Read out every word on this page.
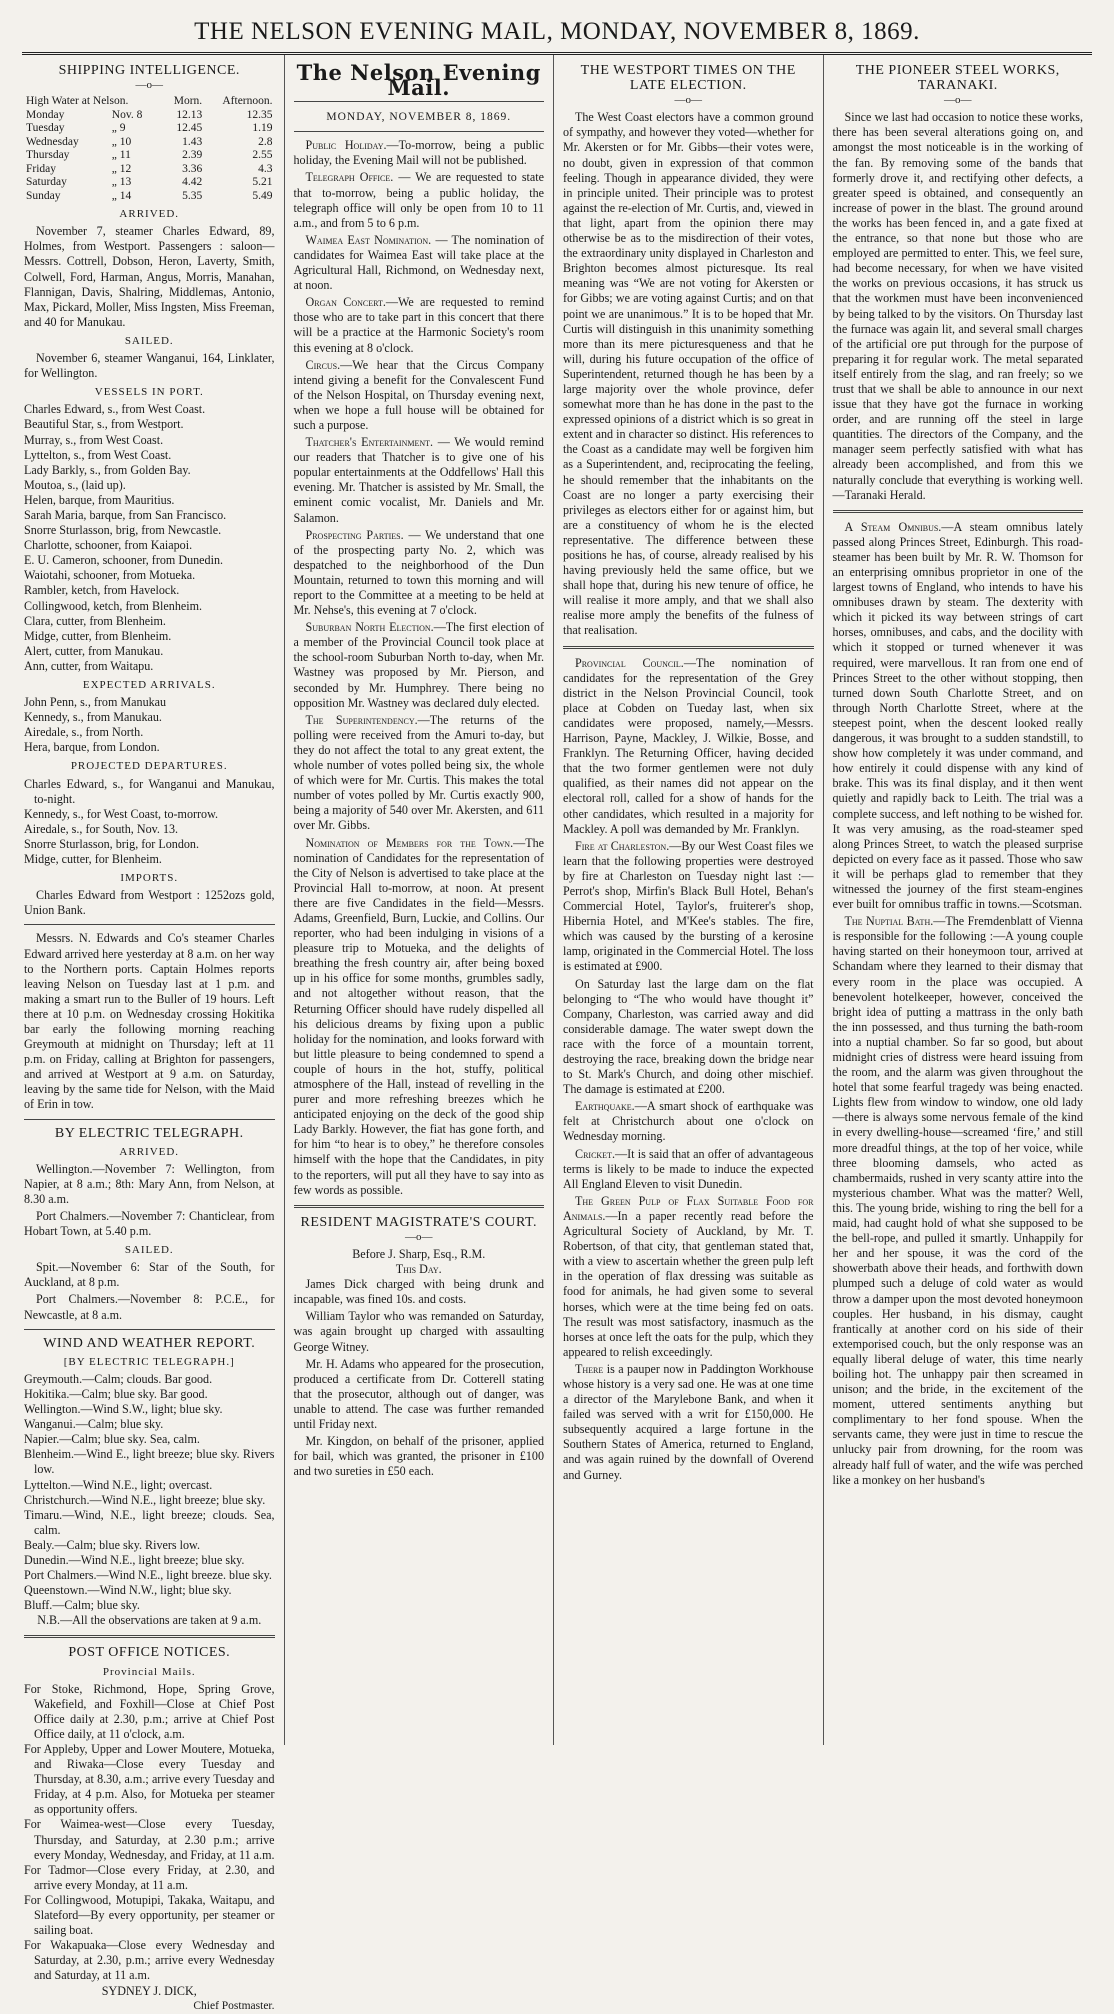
THE NELSON EVENING MAIL, MONDAY, NOVEMBER 8, 1869.
SHIPPING INTELLIGENCE.
—o—
High Water at Nelson.		Morn.	Afternoon.
Monday	Nov. 8	12.13	12.35
Tuesday	„ 9	12.45	1.19
Wednesday	„ 10	1.43	2.8
Thursday	„ 11	2.39	2.55
Friday	„ 12	3.36	4.3
Saturday	„ 13	4.42	5.21
Sunday	„ 14	5.35	5.49
ARRIVED.

November 7, steamer Charles Edward, 89, Holmes, from Westport. Passengers : saloon—Messrs. Cottrell, Dobson, Heron, Laverty, Smith, Colwell, Ford, Harman, Angus, Morris, Manahan, Flannigan, Davis, Shalring, Middlemas, Antonio, Max, Pickard, Moller, Miss Ingsten, Miss Freeman, and 40 for Manukau.

SAILED.

November 6, steamer Wanganui, 164, Linklater, for Wellington.

VESSELS IN PORT.

Charles Edward, s., from West Coast.

Beautiful Star, s., from Westport.

Murray, s., from West Coast.

Lyttelton, s., from West Coast.

Lady Barkly, s., from Golden Bay.

Moutoa, s., (laid up).

Helen, barque, from Mauritius.

Sarah Maria, barque, from San Francisco.

Snorre Sturlasson, brig, from Newcastle.

Charlotte, schooner, from Kaiapoi.

E. U. Cameron, schooner, from Dunedin.

Waiotahi, schooner, from Motueka.

Rambler, ketch, from Havelock.

Collingwood, ketch, from Blenheim.

Clara, cutter, from Blenheim.

Midge, cutter, from Blenheim.

Alert, cutter, from Manukau.

Ann, cutter, from Waitapu.

EXPECTED ARRIVALS.

John Penn, s., from Manukau

Kennedy, s., from Manukau.

Airedale, s., from North.

Hera, barque, from London.

PROJECTED DEPARTURES.

Charles Edward, s., for Wanganui and Manukau, to-night.

Kennedy, s., for West Coast, to-morrow.

Airedale, s., for South, Nov. 13.

Snorre Sturlasson, brig, for London.

Midge, cutter, for Blenheim.

IMPORTS.

Charles Edward from Westport : 1252ozs gold, Union Bank.

Messrs. N. Edwards and Co's steamer Charles Edward arrived here yesterday at 8 a.m. on her way to the Northern ports. Captain Holmes reports leaving Nelson on Tuesday last at 1 p.m. and making a smart run to the Buller of 19 hours. Left there at 10 p.m. on Wednesday crossing Hokitika bar early the following morning reaching Greymouth at midnight on Thursday; left at 11 p.m. on Friday, calling at Brighton for passengers, and arrived at Westport at 9 a.m. on Saturday, leaving by the same tide for Nelson, with the Maid of Erin in tow.

BY ELECTRIC TELEGRAPH.
ARRIVED.

Wellington.—November 7: Wellington, from Napier, at 8 a.m.; 8th: Mary Ann, from Nelson, at 8.30 a.m.

Port Chalmers.—November 7: Chanticlear, from Hobart Town, at 5.40 p.m.

SAILED.

Spit.—November 6: Star of the South, for Auckland, at 8 p.m.

Port Chalmers.—November 8: P.C.E., for Newcastle, at 8 a.m.

WIND AND WEATHER REPORT.
[BY ELECTRIC TELEGRAPH.]

Greymouth.—Calm; clouds. Bar good.

Hokitika.—Calm; blue sky. Bar good.

Wellington.—Wind S.W., light; blue sky.

Wanganui.—Calm; blue sky.

Napier.—Calm; blue sky. Sea, calm.

Blenheim.—Wind E., light breeze; blue sky. Rivers low.

Lyttelton.—Wind N.E., light; overcast.

Christchurch.—Wind N.E., light breeze; blue sky.

Timaru.—Wind, N.E., light breeze; clouds. Sea, calm.

Bealy.—Calm; blue sky. Rivers low.

Dunedin.—Wind N.E., light breeze; blue sky.

Port Chalmers.—Wind N.E., light breeze. blue sky.

Queenstown.—Wind N.W., light; blue sky.

Bluff.—Calm; blue sky.

N.B.—All the observations are taken at 9 a.m.

POST OFFICE NOTICES.
Provincial Mails.

For Stoke, Richmond, Hope, Spring Grove, Wakefield, and Foxhill—Close at Chief Post Office daily at 2.30, p.m.; arrive at Chief Post Office daily, at 11 o'clock, a.m.

For Appleby, Upper and Lower Moutere, Motueka, and Riwaka—Close every Tuesday and Thursday, at 8.30, a.m.; arrive every Tuesday and Friday, at 4 p.m. Also, for Motueka per steamer as opportunity offers.

For Waimea-west—Close every Tuesday, Thursday, and Saturday, at 2.30 p.m.; arrive every Monday, Wednesday, and Friday, at 11 a.m.

For Tadmor—Close every Friday, at 2.30, and arrive every Monday, at 11 a.m.

For Collingwood, Motupipi, Takaka, Waitapu, and Slateford—By every opportunity, per steamer or sailing boat.

For Wakapuaka—Close every Wednesday and Saturday, at 2.30, p.m.; arrive every Wednesday and Saturday, at 11 a.m.

SYDNEY J. DICK,
Chief Postmaster.
The Nelson Evening Mail.
MONDAY, NOVEMBER 8, 1869.

Public Holiday.—To-morrow, being a public holiday, the Evening Mail will not be published.

Telegraph Office. — We are requested to state that to-morrow, being a public holiday, the telegraph office will only be open from 10 to 11 a.m., and from 5 to 6 p.m.

Waimea East Nomination. — The nomination of candidates for Waimea East will take place at the Agricultural Hall, Richmond, on Wednesday next, at noon.

Organ Concert.—We are requested to remind those who are to take part in this concert that there will be a practice at the Harmonic Society's room this evening at 8 o'clock.

Circus.—We hear that the Circus Company intend giving a benefit for the Convalescent Fund of the Nelson Hospital, on Thursday evening next, when we hope a full house will be obtained for such a purpose.

Thatcher's Entertainment. — We would remind our readers that Thatcher is to give one of his popular entertainments at the Oddfellows' Hall this evening. Mr. Thatcher is assisted by Mr. Small, the eminent comic vocalist, Mr. Daniels and Mr. Salamon.

Prospecting Parties. — We understand that one of the prospecting party No. 2, which was despatched to the neighborhood of the Dun Mountain, returned to town this morning and will report to the Committee at a meeting to be held at Mr. Nehse's, this evening at 7 o'clock.

Suburban North Election.—The first election of a member of the Provincial Council took place at the school-room Suburban North to-day, when Mr. Wastney was proposed by Mr. Pierson, and seconded by Mr. Humphrey. There being no opposition Mr. Wastney was declared duly elected.

The Superintendency.—The returns of the polling were received from the Amuri to-day, but they do not affect the total to any great extent, the whole number of votes polled being six, the whole of which were for Mr. Curtis. This makes the total number of votes polled by Mr. Curtis exactly 900, being a majority of 540 over Mr. Akersten, and 611 over Mr. Gibbs.

Nomination of Members for the Town.—The nomination of Candidates for the representation of the City of Nelson is advertised to take place at the Provincial Hall to-morrow, at noon. At present there are five Candidates in the field—Messrs. Adams, Greenfield, Burn, Luckie, and Collins. Our reporter, who had been indulging in visions of a pleasure trip to Motueka, and the delights of breathing the fresh country air, after being boxed up in his office for some months, grumbles sadly, and not altogether without reason, that the Returning Officer should have rudely dispelled all his delicious dreams by fixing upon a public holiday for the nomination, and looks forward with but little pleasure to being condemned to spend a couple of hours in the hot, stuffy, political atmosphere of the Hall, instead of revelling in the purer and more refreshing breezes which he anticipated enjoying on the deck of the good ship Lady Barkly. However, the fiat has gone forth, and for him “to hear is to obey,” he therefore consoles himself with the hope that the Candidates, in pity to the reporters, will put all they have to say into as few words as possible.

RESIDENT MAGISTRATE'S COURT.
—o—
Before J. Sharp, Esq., R.M.
This Day.

James Dick charged with being drunk and incapable, was fined 10s. and costs.

William Taylor who was remanded on Saturday, was again brought up charged with assaulting George Witney.

Mr. H. Adams who appeared for the prosecution, produced a certificate from Dr. Cotterell stating that the prosecutor, although out of danger, was unable to attend. The case was further remanded until Friday next.

Mr. Kingdon, on behalf of the prisoner, applied for bail, which was granted, the prisoner in £100 and two sureties in £50 each.

THE WESTPORT TIMES ON THE LATE ELECTION.
—o—

The West Coast electors have a common ground of sympathy, and however they voted—whether for Mr. Akersten or for Mr. Gibbs—their votes were, no doubt, given in expression of that common feeling. Though in appearance divided, they were in principle united. Their principle was to protest against the re-election of Mr. Curtis, and, viewed in that light, apart from the opinion there may otherwise be as to the misdirection of their votes, the extraordinary unity displayed in Charleston and Brighton becomes almost picturesque. Its real meaning was “We are not voting for Akersten or for Gibbs; we are voting against Curtis; and on that point we are unanimous.” It is to be hoped that Mr. Curtis will distinguish in this unanimity something more than its mere picturesqueness and that he will, during his future occupation of the office of Superintendent, returned though he has been by a large majority over the whole province, defer somewhat more than he has done in the past to the expressed opinions of a district which is so great in extent and in character so distinct. His references to the Coast as a candidate may well be forgiven him as a Superintendent, and, reciprocating the feeling, he should remember that the inhabitants on the Coast are no longer a party exercising their privileges as electors either for or against him, but are a constituency of whom he is the elected representative. The difference between these positions he has, of course, already realised by his having previously held the same office, but we shall hope that, during his new tenure of office, he will realise it more amply, and that we shall also realise more amply the benefits of the fulness of that realisation.

Provincial Council.—The nomination of candidates for the representation of the Grey district in the Nelson Provincial Council, took place at Cobden on Tueday last, when six candidates were proposed, namely,—Messrs. Harrison, Payne, Mackley, J. Wilkie, Bosse, and Franklyn. The Returning Officer, having decided that the two former gentlemen were not duly qualified, as their names did not appear on the electoral roll, called for a show of hands for the other candidates, which resulted in a majority for Mackley. A poll was demanded by Mr. Franklyn.

Fire at Charleston.—By our West Coast files we learn that the following properties were destroyed by fire at Charleston on Tuesday night last :—Perrot's shop, Mirfin's Black Bull Hotel, Behan's Commercial Hotel, Taylor's, fruiterer's shop, Hibernia Hotel, and M'Kee's stables. The fire, which was caused by the bursting of a kerosine lamp, originated in the Commercial Hotel. The loss is estimated at £900.

On Saturday last the large dam on the flat belonging to “The who would have thought it” Company, Charleston, was carried away and did considerable damage. The water swept down the race with the force of a mountain torrent, destroying the race, breaking down the bridge near to St. Mark's Church, and doing other mischief. The damage is estimated at £200.

Earthquake.—A smart shock of earthquake was felt at Christchurch about one o'clock on Wednesday morning.

Cricket.—It is said that an offer of advantageous terms is likely to be made to induce the expected All England Eleven to visit Dunedin.

The Green Pulp of Flax Suitable Food for Animals.—In a paper recently read before the Agricultural Society of Auckland, by Mr. T. Robertson, of that city, that gentleman stated that, with a view to ascertain whether the green pulp left in the operation of flax dressing was suitable as food for animals, he had given some to several horses, which were at the time being fed on oats. The result was most satisfactory, inasmuch as the horses at once left the oats for the pulp, which they appeared to relish exceedingly.

There is a pauper now in Paddington Workhouse whose history is a very sad one. He was at one time a director of the Marylebone Bank, and when it failed was served with a writ for £150,000. He subsequently acquired a large fortune in the Southern States of America, returned to England, and was again ruined by the downfall of Overend and Gurney.

THE PIONEER STEEL WORKS, TARANAKI.
—o—

Since we last had occasion to notice these works, there has been several alterations going on, and amongst the most noticeable is in the working of the fan. By removing some of the bands that formerly drove it, and rectifying other defects, a greater speed is obtained, and consequently an increase of power in the blast. The ground around the works has been fenced in, and a gate fixed at the entrance, so that none but those who are employed are permitted to enter. This, we feel sure, had become necessary, for when we have visited the works on previous occasions, it has struck us that the workmen must have been inconvenienced by being talked to by the visitors. On Thursday last the furnace was again lit, and several small charges of the artificial ore put through for the purpose of preparing it for regular work. The metal separated itself entirely from the slag, and ran freely; so we trust that we shall be able to announce in our next issue that they have got the furnace in working order, and are running off the steel in large quantities. The directors of the Company, and the manager seem perfectly satisfied with what has already been accomplished, and from this we naturally conclude that everything is working well.—Taranaki Herald.

A Steam Omnibus.—A steam omnibus lately passed along Princes Street, Edinburgh. This road-steamer has been built by Mr. R. W. Thomson for an enterprising omnibus proprietor in one of the largest towns of England, who intends to have his omnibuses drawn by steam. The dexterity with which it picked its way between strings of cart horses, omnibuses, and cabs, and the docility with which it stopped or turned whenever it was required, were marvellous. It ran from one end of Princes Street to the other without stopping, then turned down South Charlotte Street, and on through North Charlotte Street, where at the steepest point, when the descent looked really dangerous, it was brought to a sudden standstill, to show how completely it was under command, and how entirely it could dispense with any kind of brake. This was its final display, and it then went quietly and rapidly back to Leith. The trial was a complete success, and left nothing to be wished for. It was very amusing, as the road-steamer sped along Princes Street, to watch the pleased surprise depicted on every face as it passed. Those who saw it will be perhaps glad to remember that they witnessed the journey of the first steam-engines ever built for omnibus traffic in towns.—Scotsman.

The Nuptial Bath.—The Fremdenblatt of Vienna is responsible for the following :—A young couple having started on their honeymoon tour, arrived at Schandam where they learned to their dismay that every room in the place was occupied. A benevolent hotelkeeper, however, conceived the bright idea of putting a mattrass in the only bath the inn possessed, and thus turning the bath-room into a nuptial chamber. So far so good, but about midnight cries of distress were heard issuing from the room, and the alarm was given throughout the hotel that some fearful tragedy was being enacted. Lights flew from window to window, one old lady—there is always some nervous female of the kind in every dwelling-house—screamed ‘fire,’ and still more dreadful things, at the top of her voice, while three blooming damsels, who acted as chambermaids, rushed in very scanty attire into the mysterious chamber. What was the matter? Well, this. The young bride, wishing to ring the bell for a maid, had caught hold of what she supposed to be the bell-rope, and pulled it smartly. Unhappily for her and her spouse, it was the cord of the showerbath above their heads, and forthwith down plumped such a deluge of cold water as would throw a damper upon the most devoted honeymoon couples. Her husband, in his dismay, caught frantically at another cord on his side of their extemporised couch, but the only response was an equally liberal deluge of water, this time nearly boiling hot. The unhappy pair then screamed in unison; and the bride, in the excitement of the moment, uttered sentiments anything but complimentary to her fond spouse. When the servants came, they were just in time to rescue the unlucky pair from drowning, for the room was already half full of water, and the wife was perched like a monkey on her husband's
